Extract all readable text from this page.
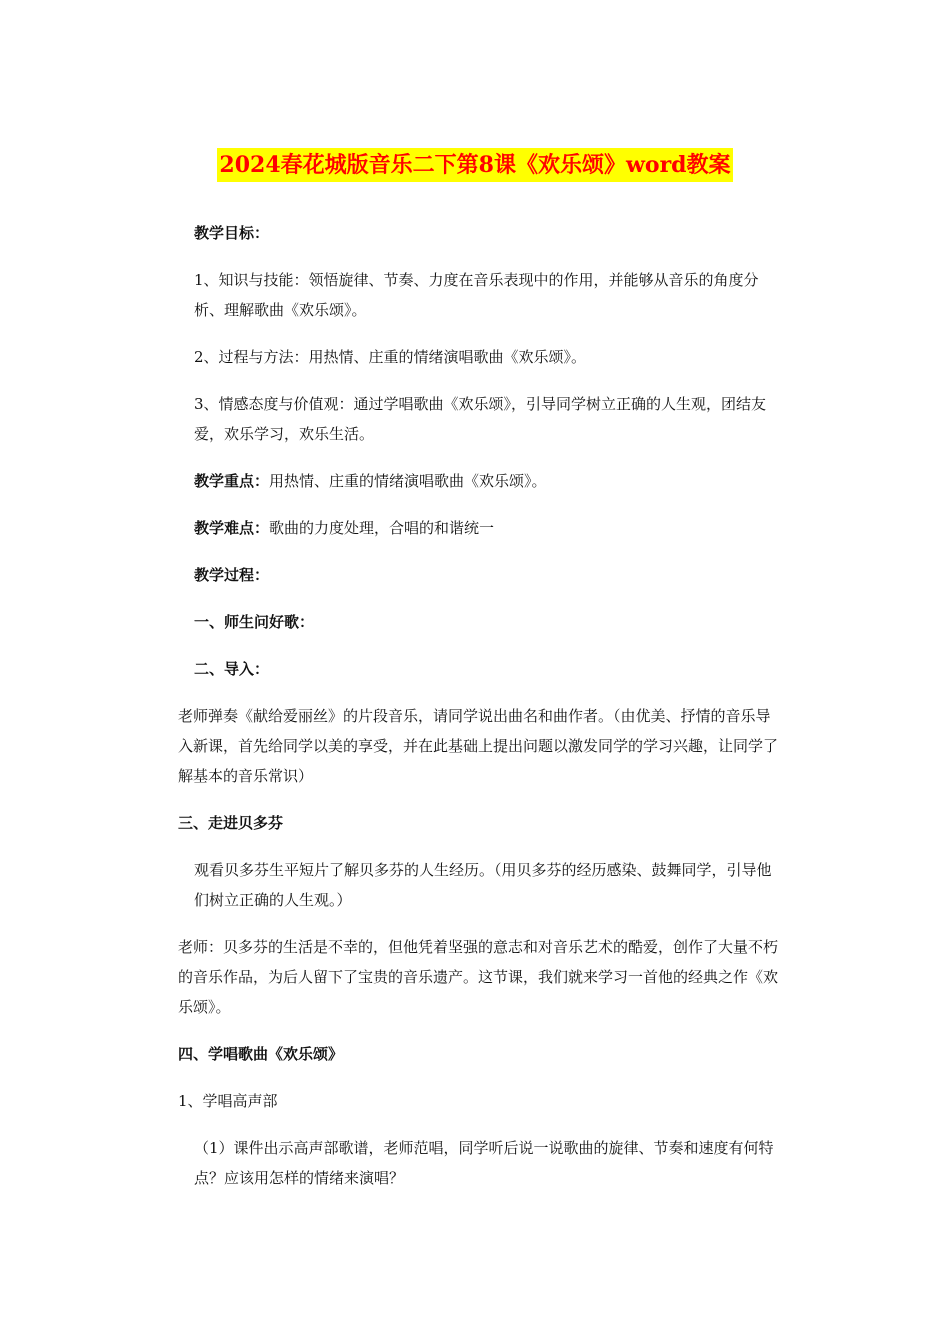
2024春花城版音乐二下第8课《欢乐颂》word教案

教学目标：

1、知识与技能：领悟旋律、节奏、力度在音乐表现中的作用，并能够从音乐的角度分析、理解歌曲《欢乐颂》。

2、过程与方法：用热情、庄重的情绪演唱歌曲《欢乐颂》。

3、情感态度与价值观：通过学唱歌曲《欢乐颂》，引导同学树立正确的人生观，团结友爱，欢乐学习，欢乐生活。

教学重点：用热情、庄重的情绪演唱歌曲《欢乐颂》。

教学难点：歌曲的力度处理，合唱的和谐统一

教学过程：

一、师生问好歌：

二、导入：

老师弹奏《献给爱丽丝》的片段音乐，请同学说出曲名和曲作者。（由优美、抒情的音乐导入新课，首先给同学以美的享受，并在此基础上提出问题以激发同学的学习兴趣，让同学了解基本的音乐常识）

三、走进贝多芬

观看贝多芬生平短片了解贝多芬的人生经历。（用贝多芬的经历感染、鼓舞同学，引导他们树立正确的人生观。）

老师：贝多芬的生活是不幸的，但他凭着坚强的意志和对音乐艺术的酷爱，创作了大量不朽的音乐作品，为后人留下了宝贵的音乐遗产。这节课，我们就来学习一首他的经典之作《欢乐颂》。

四、学唱歌曲《欢乐颂》

1、学唱高声部

（1）课件出示高声部歌谱，老师范唱，同学听后说一说歌曲的旋律、节奏和速度有何特点？应该用怎样的情绪来演唱？
